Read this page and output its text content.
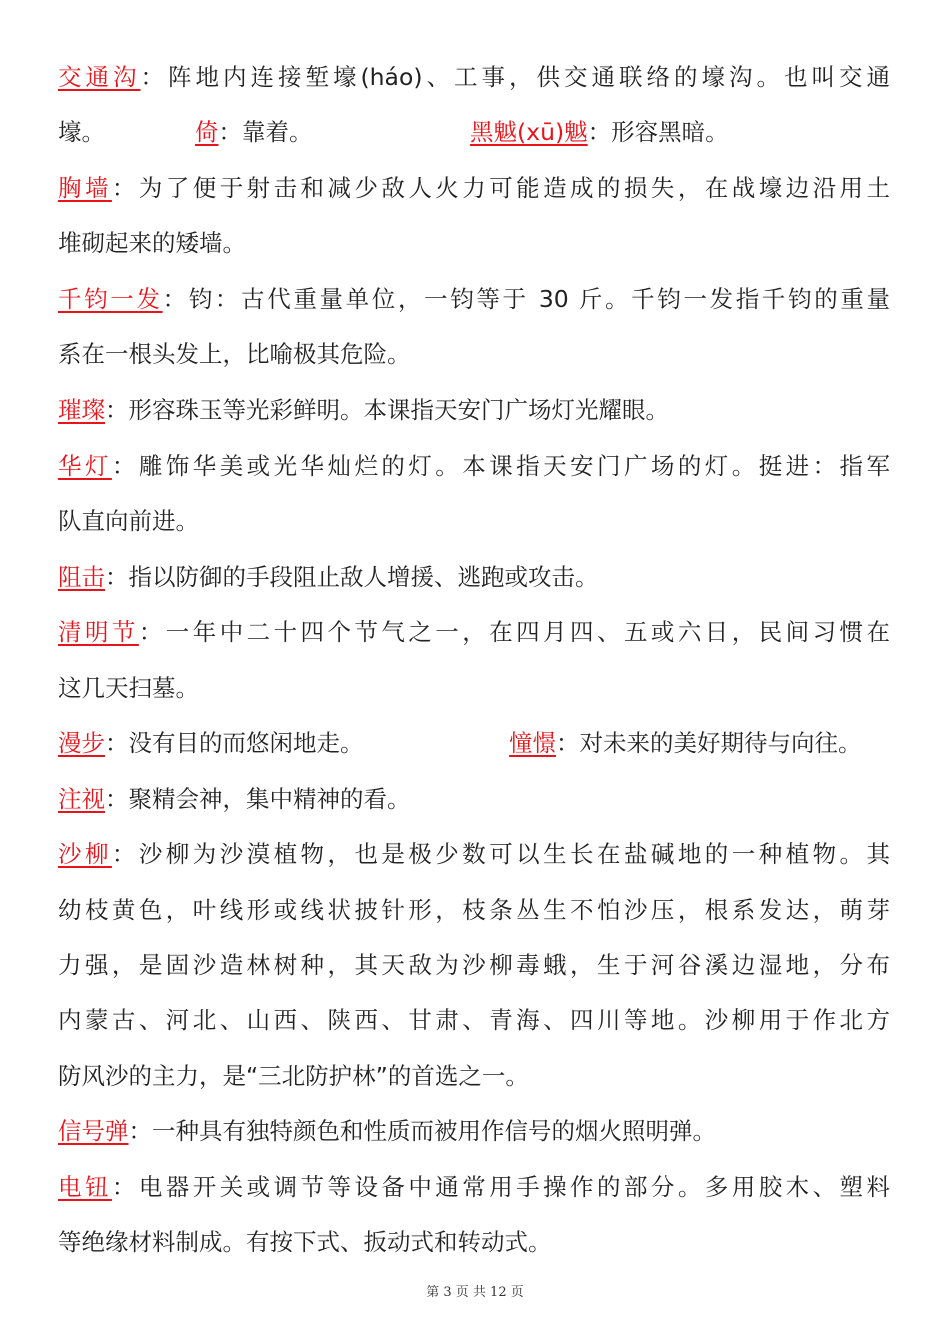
交通沟：阵地内连接堑壕(háo)、工事，供交通联络的壕沟。也叫交通
壕。	倚：靠着。	黑魆(xū)魆：形容黑暗。
胸墙：为了便于射击和减少敌人火力可能造成的损失，在战壕边沿用土
堆砌起来的矮墙。
千钧一发：钧：古代重量单位，一钧等于 30 斤。千钧一发指千钧的重量
系在一根头发上，比喻极其危险。
璀璨：形容珠玉等光彩鲜明。本课指天安门广场灯光耀眼。
华灯：雕饰华美或光华灿烂的灯。本课指天安门广场的灯。挺进：指军
队直向前进。
阻击：指以防御的手段阻止敌人增援、逃跑或攻击。
清明节：一年中二十四个节气之一，在四月四、五或六日，民间习惯在
这几天扫墓。
漫步：没有目的而悠闲地走。	憧憬：对未来的美好期待与向往。
注视：聚精会神，集中精神的看。
沙柳：沙柳为沙漠植物，也是极少数可以生长在盐碱地的一种植物。其
幼枝黄色，叶线形或线状披针形，枝条丛生不怕沙压，根系发达，萌芽
力强，是固沙造林树种，其天敌为沙柳毒蛾，生于河谷溪边湿地，分布
内蒙古、河北、山西、陕西、甘肃、青海、四川等地。沙柳用于作北方
防风沙的主力，是“三北防护林”的首选之一。
信号弹：一种具有独特颜色和性质而被用作信号的烟火照明弹。
电钮：电器开关或调节等设备中通常用手操作的部分。多用胶木、塑料
等绝缘材料制成。有按下式、扳动式和转动式。
第 3 页 共 12 页
